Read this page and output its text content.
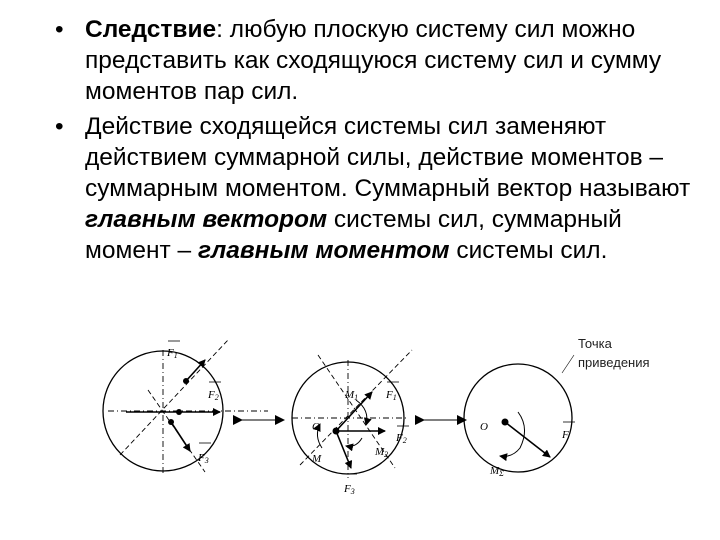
• Следствие: любую плоскую систему сил можно представить как сходящуюся систему сил и сумму моментов пар сил.
• Действие сходящейся системы сил заменяют действием суммарной силы, действие моментов – суммарным моментом. Суммарный вектор называют главным вектором системы сил, суммарный момент – главным моментом системы сил.
Точка
приведения
F1
F2
F3
O
M1	F1
F2
M2
M
F3
O
F
MΣ
